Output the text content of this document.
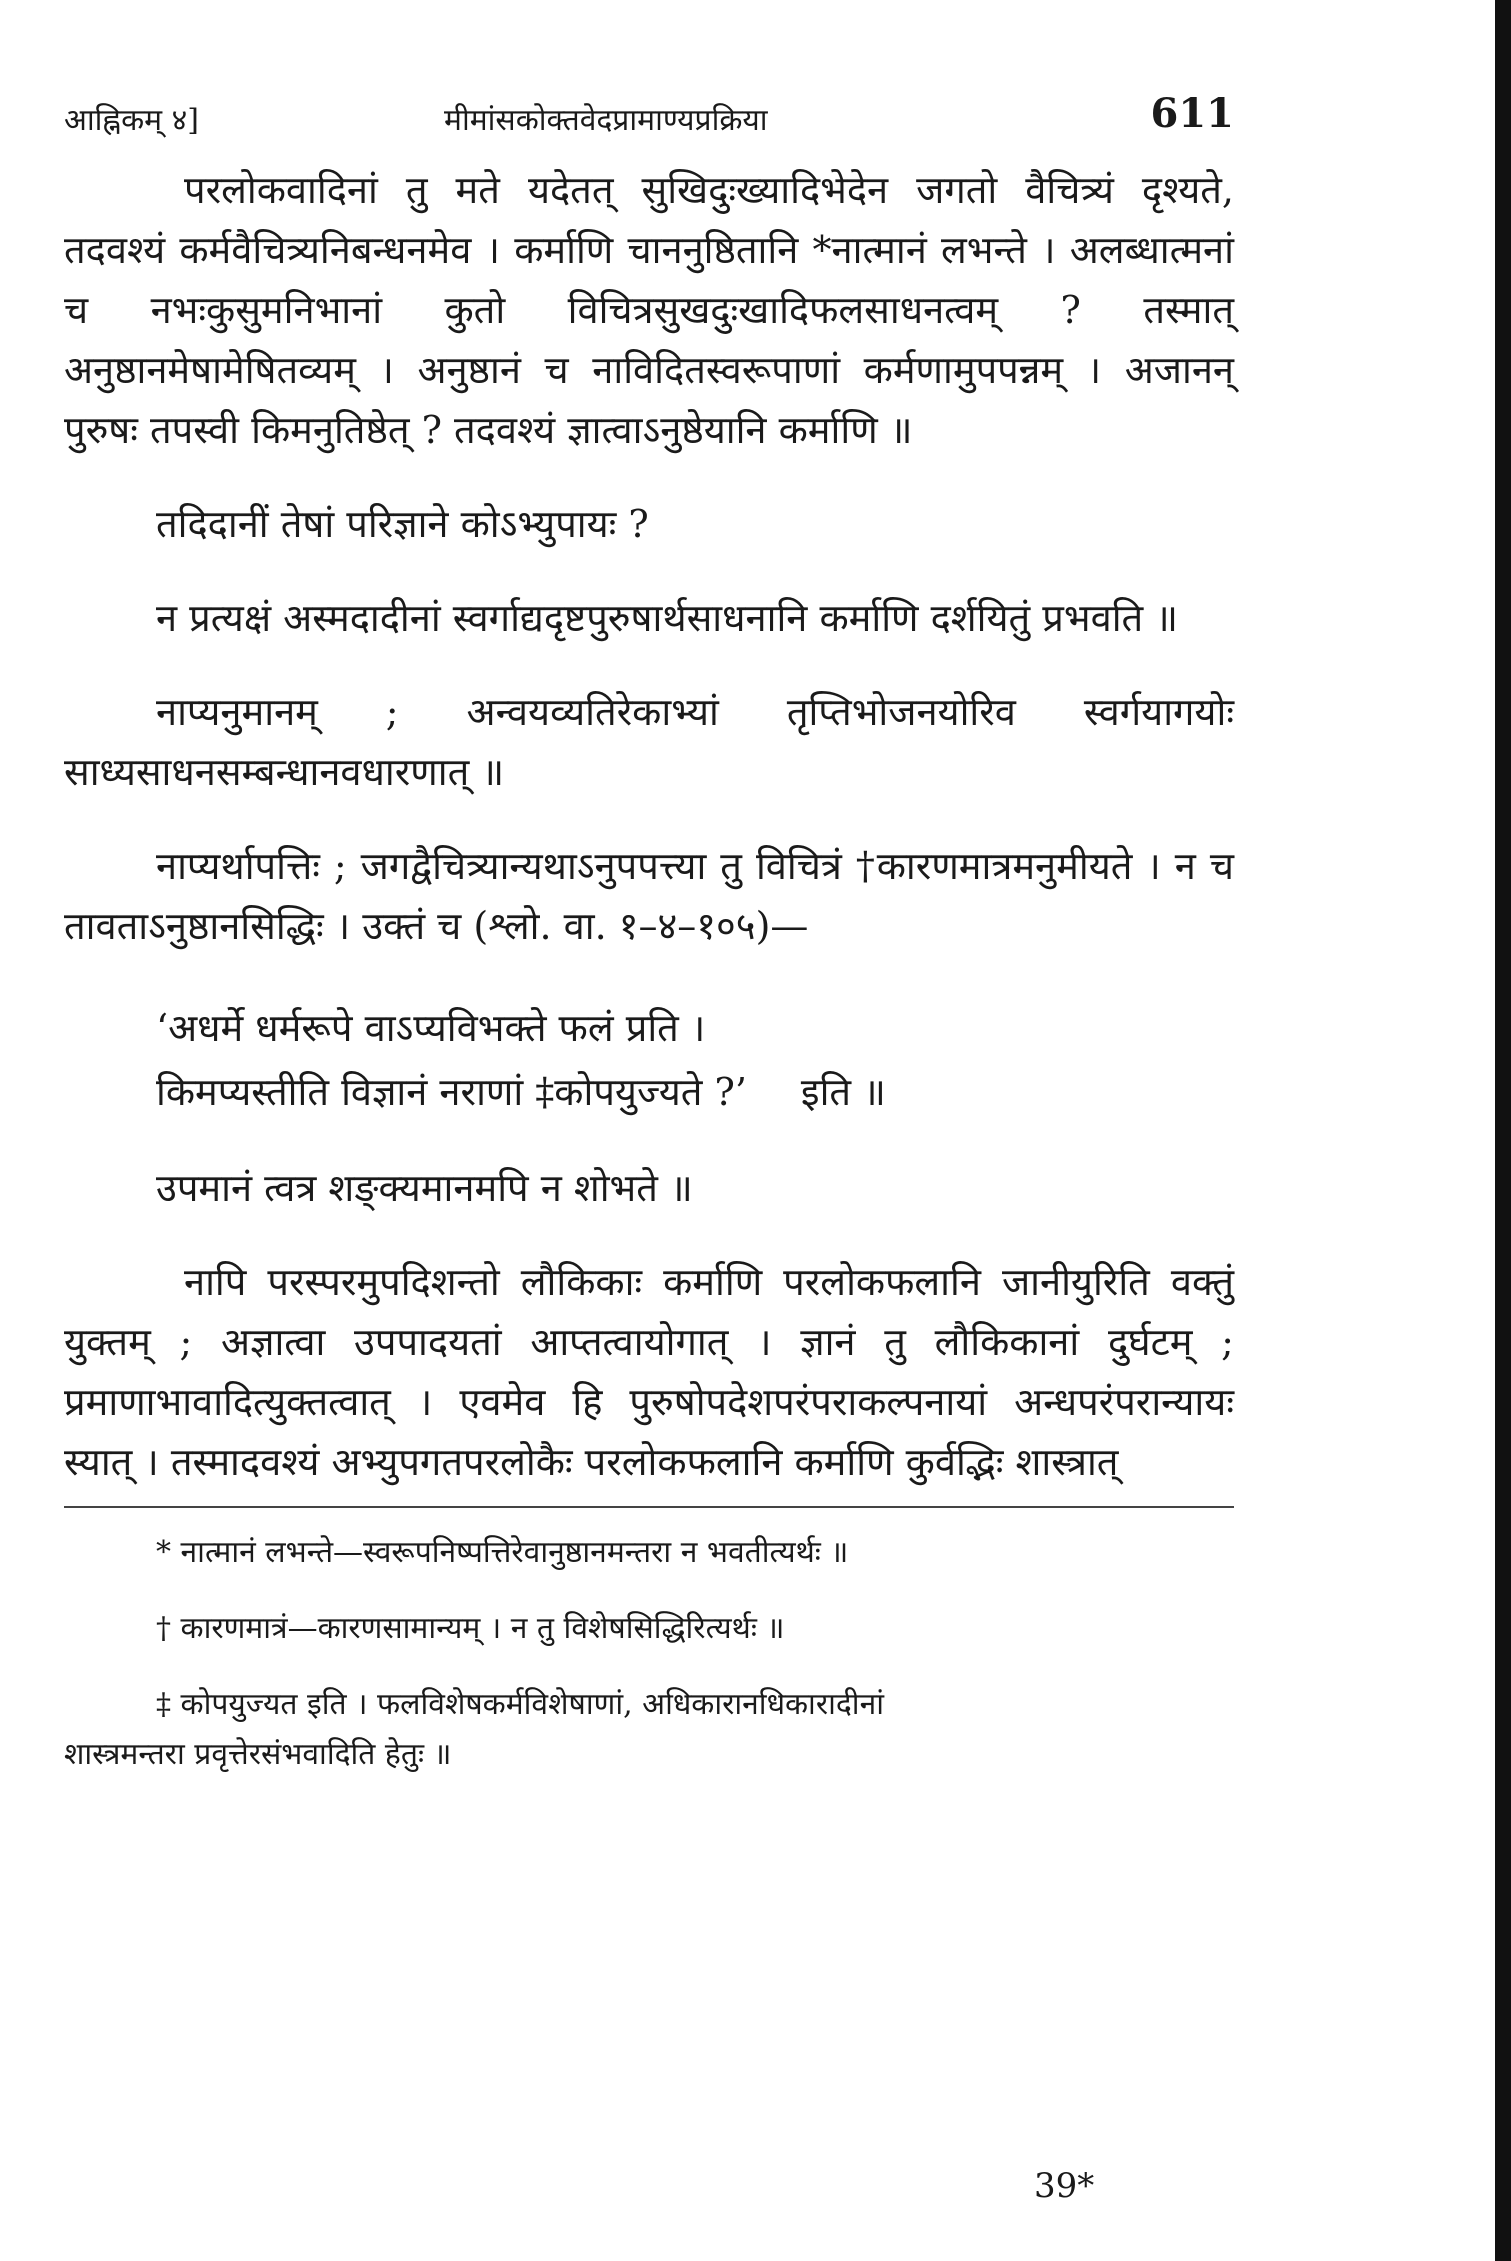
आह्निकम् ४]	मीमांसकोक्तवेदप्रामाण्यप्रक्रिया	611

परलोकवादिनां तु मते यदेतत् सुखिदुःख्यादिभेदेन जगतो वैचित्र्यं दृश्यते, तदवश्यं कर्मवैचित्र्यनिबन्धनमेव । कर्माणि चाननुष्ठितानि *नात्मानं लभन्ते । अलब्धात्मनां च नभःकुसुमनिभानां कुतो विचित्रसुखदुःखादिफलसाधनत्वम् ? तस्मात् अनुष्ठानमेषामेषितव्यम् । अनुष्ठानं च नाविदितस्वरूपाणां कर्मणामुपपन्नम् । अजानन् पुरुषः तपस्वी किमनुतिष्ठेत् ? तदवश्यं ज्ञात्वाऽनुष्ठेयानि कर्माणि ॥

तदिदानीं तेषां परिज्ञाने कोऽभ्युपायः ?

न प्रत्यक्षं अस्मदादीनां स्वर्गाद्यदृष्टपुरुषार्थसाधनानि कर्माणि दर्शयितुं प्रभवति ॥

नाप्यनुमानम् ; अन्वयव्यतिरेकाभ्यां तृप्तिभोजनयोरिव स्वर्गयागयोः साध्यसाधनसम्बन्धानवधारणात् ॥

नाप्यर्थापत्तिः ; जगद्वैचित्र्यान्यथाऽनुपपत्त्या तु विचित्रं †कारणमात्रमनुमीयते । न च तावताऽनुष्ठानसिद्धिः । उक्तं च (श्लो. वा. १–४–१०५)—

‘अधर्मे धर्मरूपे वाऽप्यविभक्ते फलं प्रति ।
किमप्यस्तीति विज्ञानं नराणां ‡कोपयुज्यते ?’ इति ॥

उपमानं त्वत्र शङ्क्यमानमपि न शोभते ॥

नापि परस्परमुपदिशन्तो लौकिकाः कर्माणि परलोकफलानि जानीयुरिति वक्तुं युक्तम् ; अज्ञात्वा उपपादयतां आप्तत्वायोगात् । ज्ञानं तु लौकिकानां दुर्घटम् ; प्रमाणाभावादित्युक्तत्वात् । एवमेव हि पुरुषोपदेशपरंपराकल्पनायां अन्धपरंपरान्यायः स्यात् । तस्मादवश्यं अभ्युपगतपरलोकैः परलोकफलानि कर्माणि कुर्वद्भिः शास्त्रात्

* नात्मानं लभन्ते—स्वरूपनिष्पत्तिरेवानुष्ठानमन्तरा न भवतीत्यर्थः ॥

† कारणमात्रं—कारणसामान्यम् । न तु विशेषसिद्धिरित्यर्थः ॥

‡ कोपयुज्यत इति । फलविशेषकर्मविशेषाणां, अधिकारानधिकारादीनां
शास्त्रमन्तरा प्रवृत्तेरसंभवादिति हेतुः ॥

39*
